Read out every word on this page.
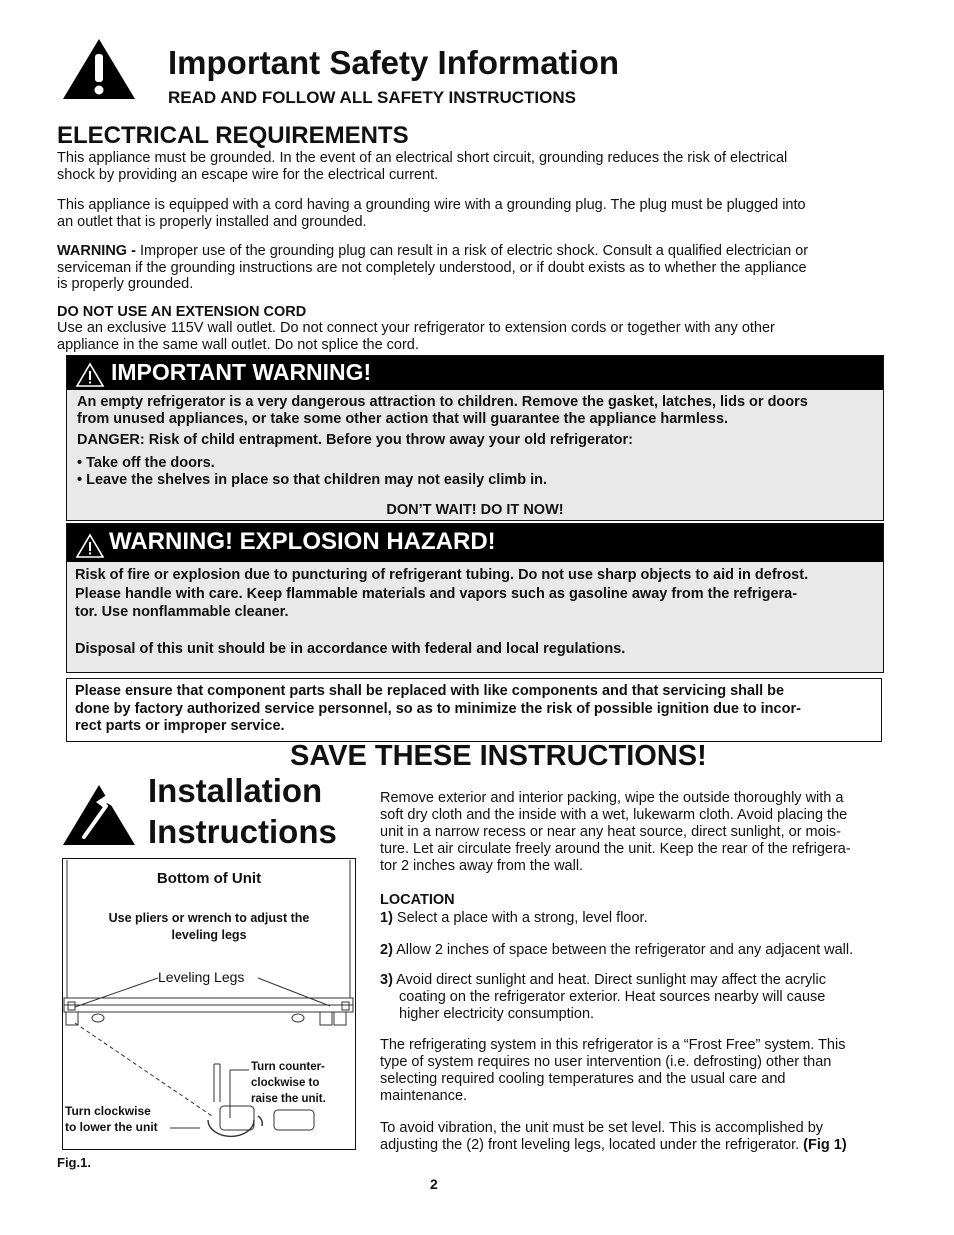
Important Safety Information
READ AND FOLLOW ALL SAFETY INSTRUCTIONS
ELECTRICAL REQUIREMENTS
This appliance must be grounded. In the event of an electrical short circuit, grounding reduces the risk of electrical
shock by providing an escape wire for the electrical current.
This appliance is equipped with a cord having a grounding wire with a grounding plug. The plug must be plugged into
an outlet that is properly installed and grounded.
WARNING - Improper use of the grounding plug can result in a risk of electric shock. Consult a qualified electrician or
serviceman if the grounding instructions are not completely understood, or if doubt exists as to whether the appliance
is properly grounded.
DO NOT USE AN EXTENSION CORD
Use an exclusive 115V wall outlet. Do not connect your refrigerator to extension cords or together with any other
appliance in the same wall outlet. Do not splice the cord.
IMPORTANT WARNING!
An empty refrigerator is a very dangerous attraction to children. Remove the gasket, latches, lids or doors
from unused appliances, or take some other action that will guarantee the appliance harmless.
DANGER: Risk of child entrapment. Before you throw away your old refrigerator:
• Take off the doors.
• Leave the shelves in place so that children may not easily climb in.
DON’T WAIT! DO IT NOW!
WARNING! EXPLOSION HAZARD!
Risk of fire or explosion due to puncturing of refrigerant tubing. Do not use sharp objects to aid in defrost.
Please handle with care. Keep flammable materials and vapors such as gasoline away from the refrigera-
tor. Use nonflammable cleaner.
Disposal of this unit should be in accordance with federal and local regulations.
Please ensure that component parts shall be replaced with like components and that servicing shall be
done by factory authorized service personnel, so as to minimize the risk of possible ignition due to incor-
rect parts or improper service.
SAVE THESE INSTRUCTIONS!
Installation
Instructions
Bottom of Unit
Use pliers or wrench to adjust the
leveling legs
Leveling Legs
Turn counter-
clockwise to
raise the unit.
Turn clockwise
to lower the unit
Fig.1.
Remove exterior and interior packing, wipe the outside thoroughly with a
soft dry cloth and the inside with a wet, lukewarm cloth. Avoid placing the
unit in a narrow recess or near any heat source, direct sunlight, or mois-
ture. Let air circulate freely around the unit. Keep the rear of the refrigera-
tor 2 inches away from the wall.
LOCATION
1) Select a place with a strong, level floor.
2) Allow 2 inches of space between the refrigerator and any adjacent wall.
3) Avoid direct sunlight and heat. Direct sunlight may affect the acrylic
coating on the refrigerator exterior. Heat sources nearby will cause
higher electricity consumption.
The refrigerating system in this refrigerator is a “Frost Free” system. This
type of system requires no user intervention (i.e. defrosting) other than
selecting required cooling temperatures and the usual care and
maintenance.
To avoid vibration, the unit must be set level. This is accomplished by
adjusting the (2) front leveling legs, located under the refrigerator. (Fig 1)
2
